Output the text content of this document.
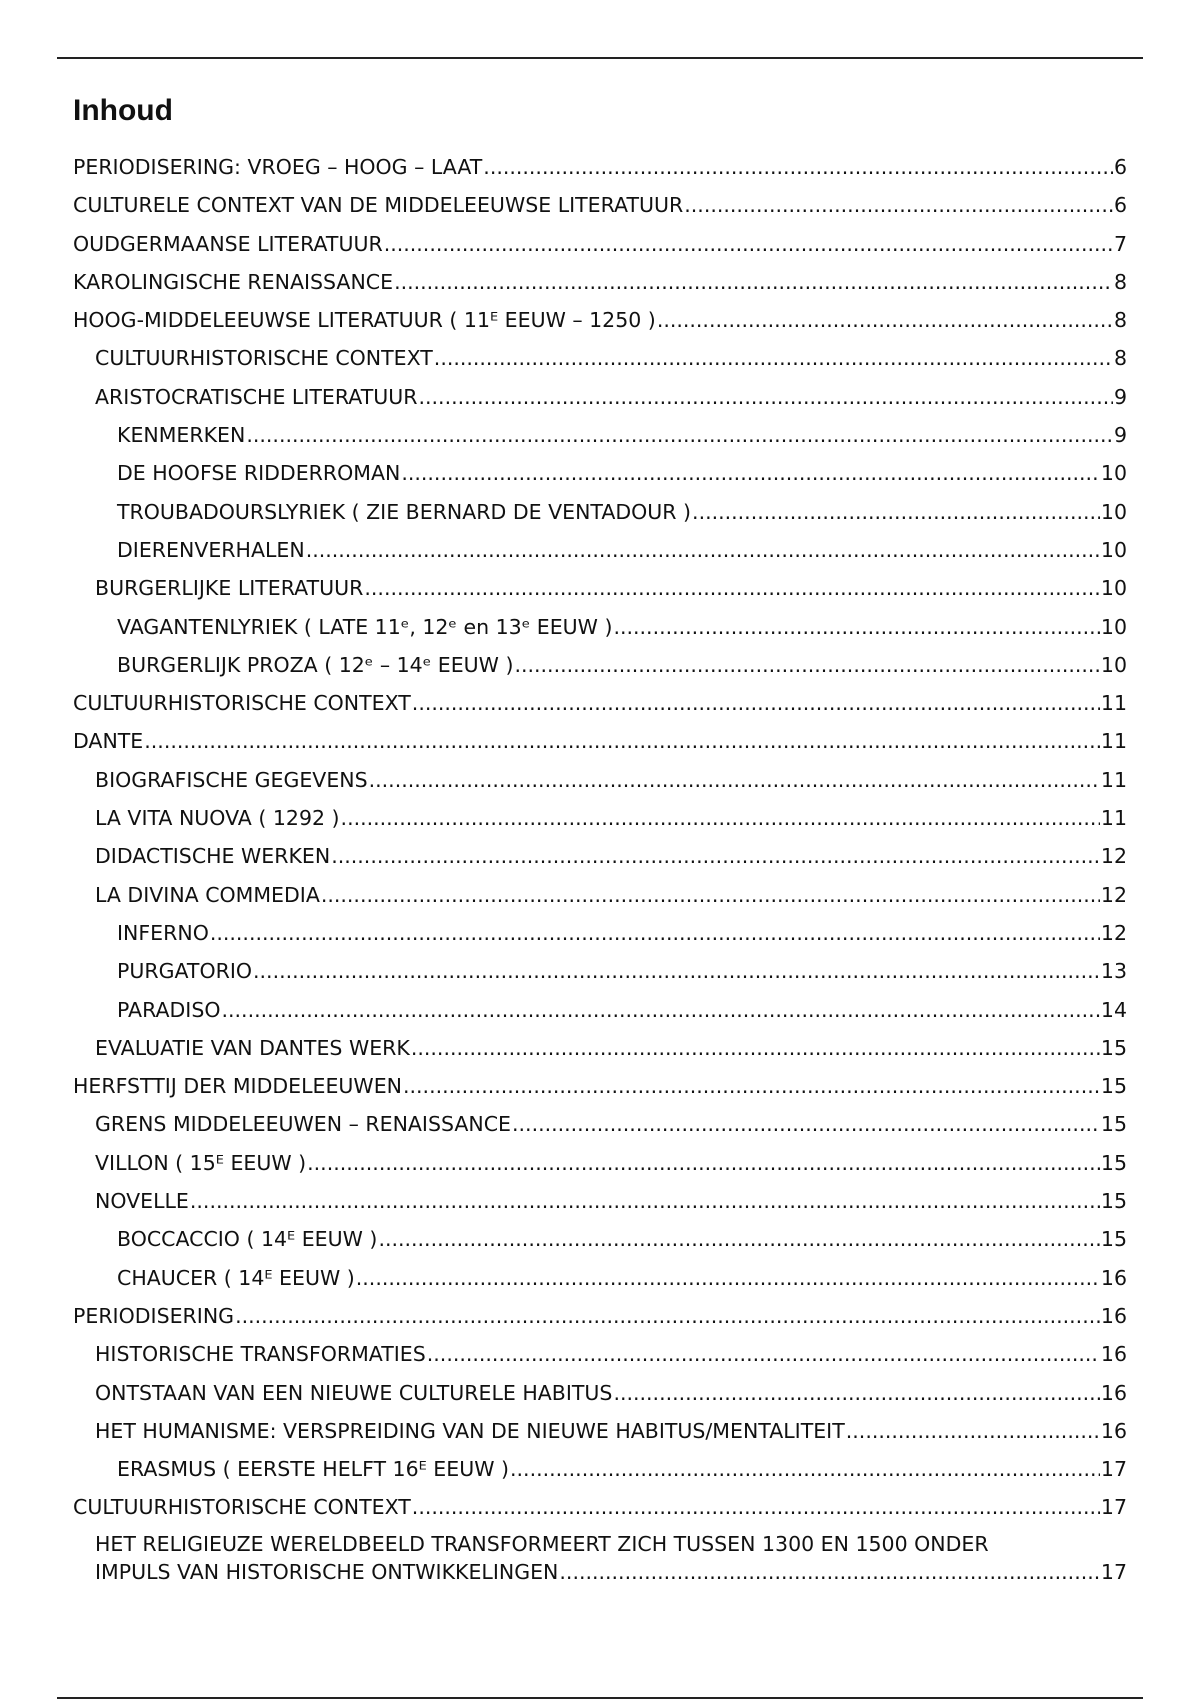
Inhoud
PERIODISERING: VROEG – HOOG – LAAT .....	6
CULTURELE CONTEXT VAN DE MIDDELEEUWSE LITERATUUR .....	6
OUDGERMAANSE LITERATUUR .....	7
KAROLINGISCHE RENAISSANCE .....	8
HOOG-MIDDELEEUWSE LITERATUUR ( 11ᴱ EEUW – 1250 ) .....	8
CULTUURHISTORISCHE CONTEXT .....	8
ARISTOCRATISCHE LITERATUUR .....	9
KENMERKEN .....	9
DE HOOFSE RIDDERROMAN .....	10
TROUBADOURSLYRIEK ( ZIE BERNARD DE VENTADOUR ) .....	10
DIERENVERHALEN .....	10
BURGERLIJKE LITERATUUR .....	10
VAGANTENLYRIEK ( LATE 11ᵉ, 12ᵉ en 13ᵉ EEUW ) .....	10
BURGERLIJK PROZA ( 12ᵉ – 14ᵉ EEUW ) .....	10
CULTUURHISTORISCHE CONTEXT .....	11
DANTE .....	11
BIOGRAFISCHE GEGEVENS .....	11
LA VITA NUOVA ( 1292 ) .....	11
DIDACTISCHE WERKEN .....	12
LA DIVINA COMMEDIA .....	12
INFERNO .....	12
PURGATORIO .....	13
PARADISO .....	14
EVALUATIE VAN DANTES WERK .....	15
HERFSTTIJ DER MIDDELEEUWEN .....	15
GRENS MIDDELEEUWEN – RENAISSANCE .....	15
VILLON ( 15ᴱ EEUW ) .....	15
NOVELLE .....	15
BOCCACCIO ( 14ᴱ EEUW ) .....	15
CHAUCER ( 14ᴱ EEUW ) .....	16
PERIODISERING .....	16
HISTORISCHE TRANSFORMATIES .....	16
ONTSTAAN VAN EEN NIEUWE CULTURELE HABITUS .....	16
HET HUMANISME: VERSPREIDING VAN DE NIEUWE HABITUS/MENTALITEIT .....	16
ERASMUS ( EERSTE HELFT 16ᴱ EEUW ) .....	17
CULTUURHISTORISCHE CONTEXT .....	17
HET RELIGIEUZE WERELDBEELD TRANSFORMEERT ZICH TUSSEN 1300 EN 1500 ONDER
IMPULS VAN HISTORISCHE ONTWIKKELINGEN .....	17
